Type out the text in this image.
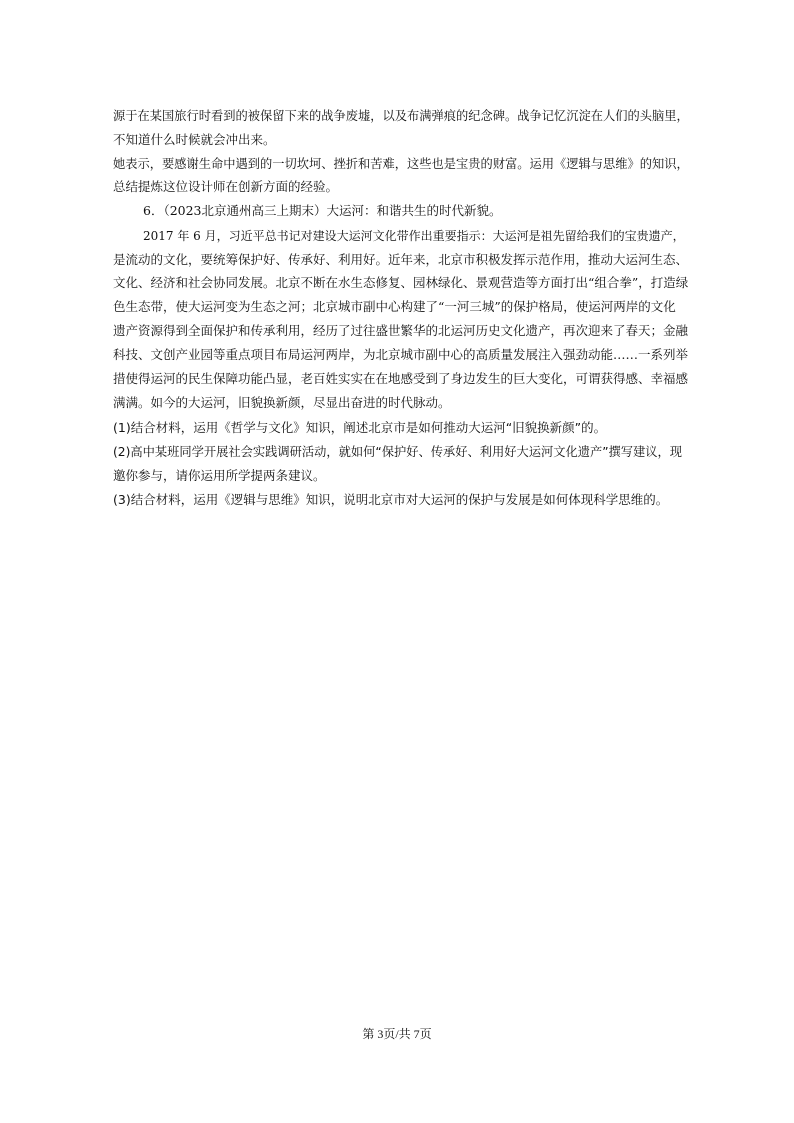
源于在某国旅行时看到的被保留下来的战争废墟，以及布满弹痕的纪念碑。战争记忆沉淀在人们的头脑里，
不知道什么时候就会冲出来。
她表示，要感谢生命中遇到的一切坎坷、挫折和苦难，这些也是宝贵的财富。运用《逻辑与思维》的知识，
总结提炼这位设计师在创新方面的经验。
6．（2023北京通州高三上期末）大运河：和谐共生的时代新貌。
2017 年 6 月，习近平总书记对建设大运河文化带作出重要指示：大运河是祖先留给我们的宝贵遗产，
是流动的文化，要统筹保护好、传承好、利用好。近年来，北京市积极发挥示范作用，推动大运河生态、
文化、经济和社会协同发展。北京不断在水生态修复、园林绿化、景观营造等方面打出“组合拳”，打造绿
色生态带，使大运河变为生态之河；北京城市副中心构建了“一河三城”的保护格局，使运河两岸的文化
遗产资源得到全面保护和传承利用，经历了过往盛世繁华的北运河历史文化遗产，再次迎来了春天；金融
科技、文创产业园等重点项目布局运河两岸，为北京城市副中心的高质量发展注入强劲动能……一系列举
措使得运河的民生保障功能凸显，老百姓实实在在地感受到了身边发生的巨大变化，可谓获得感、幸福感
满满。如今的大运河，旧貌换新颜，尽显出奋进的时代脉动。
(1)结合材料，运用《哲学与文化》知识，阐述北京市是如何推动大运河“旧貌换新颜”的。
(2)高中某班同学开展社会实践调研活动，就如何“保护好、传承好、利用好大运河文化遗产”撰写建议，现
邀你参与，请你运用所学提两条建议。
(3)结合材料，运用《逻辑与思维》知识，说明北京市对大运河的保护与发展是如何体现科学思维的。
第 3页/共 7页
